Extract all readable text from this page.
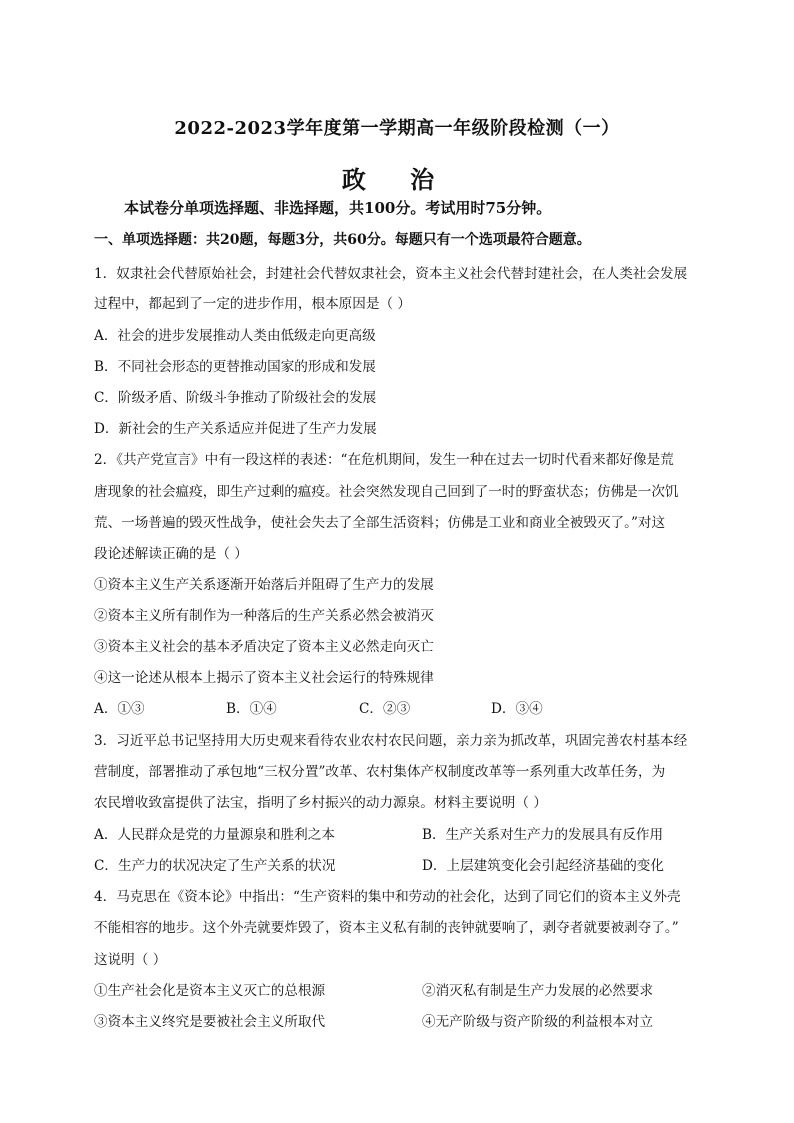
2022-2023学年度第一学期高一年级阶段检测（一）
政 治
本试卷分单项选择题、非选择题，共100分。考试用时75分钟。
一、单项选择题：共20题，每题3分，共60分。每题只有一个选项最符合题意。
1．奴隶社会代替原始社会，封建社会代替奴隶社会，资本主义社会代替封建社会，在人类社会发展
过程中，都起到了一定的进步作用，根本原因是（ ）
A．社会的进步发展推动人类由低级走向更高级
B．不同社会形态的更替推动国家的形成和发展
C．阶级矛盾、阶级斗争推动了阶级社会的发展
D．新社会的生产关系适应并促进了生产力发展
2．《共产党宣言》中有一段这样的表述：“在危机期间，发生一种在过去一切时代看来都好像是荒
唐现象的社会瘟疫，即生产过剩的瘟疫。社会突然发现自己回到了一时的野蛮状态；仿佛是一次饥
荒、一场普遍的毁灭性战争，使社会失去了全部生活资料；仿佛是工业和商业全被毁灭了。”对这
段论述解读正确的是（ ）
①资本主义生产关系逐渐开始落后并阻碍了生产力的发展
②资本主义所有制作为一种落后的生产关系必然会被消灭
③资本主义社会的基本矛盾决定了资本主义必然走向灭亡
④这一论述从根本上揭示了资本主义社会运行的特殊规律
A．①③	B．①④	C．②③	D．③④
3．习近平总书记坚持用大历史观来看待农业农村农民问题，亲力亲为抓改革，巩固完善农村基本经
营制度，部署推动了承包地“三权分置”改革、农村集体产权制度改革等一系列重大改革任务，为
农民增收致富提供了法宝，指明了乡村振兴的动力源泉。材料主要说明（ ）
A．人民群众是党的力量源泉和胜利之本	B．生产关系对生产力的发展具有反作用
C．生产力的状况决定了生产关系的状况	D．上层建筑变化会引起经济基础的变化
4．马克思在《资本论》中指出：“生产资料的集中和劳动的社会化，达到了同它们的资本主义外壳
不能相容的地步。这个外壳就要炸毁了，资本主义私有制的丧钟就要响了，剥夺者就要被剥夺了。”
这说明（ ）
①生产社会化是资本主义灭亡的总根源	②消灭私有制是生产力发展的必然要求
③资本主义终究是要被社会主义所取代	④无产阶级与资产阶级的利益根本对立
